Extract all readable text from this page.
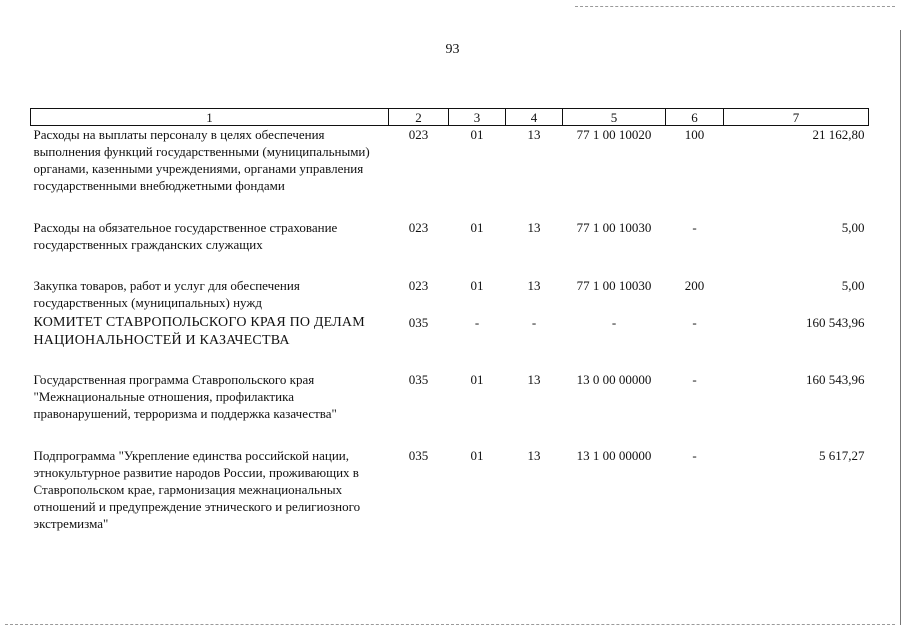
93
1	2	3	4	5	6	7
Расходы на выплаты персоналу в целях обеспечения выполнения функций государственными (муниципальными) органами, казенными учреждениями, органами управления государственными внебюджетными фондами	023	01	13	77 1 00 10020	100	21 162,80
Расходы на обязательное государственное страхование государственных гражданских служащих	023	01	13	77 1 00 10030	-	5,00
Закупка товаров, работ и услуг для обеспечения государственных (муниципальных) нужд	023	01	13	77 1 00 10030	200	5,00
КОМИТЕТ СТАВРОПОЛЬСКОГО КРАЯ ПО ДЕЛАМ НАЦИОНАЛЬНОСТЕЙ И КАЗАЧЕСТВА	035	-	-	-	-	160 543,96
Государственная программа Ставропольского края "Межнациональные отношения, профилактика правонарушений, терроризма и поддержка казачества"	035	01	13	13 0 00 00000	-	160 543,96
Подпрограмма "Укрепление единства российской нации, этнокультурное развитие народов России, проживающих в Ставропольском крае, гармонизация межнациональных отношений и предупреждение этнического и религиозного экстремизма"	035	01	13	13 1 00 00000	-	5 617,27
